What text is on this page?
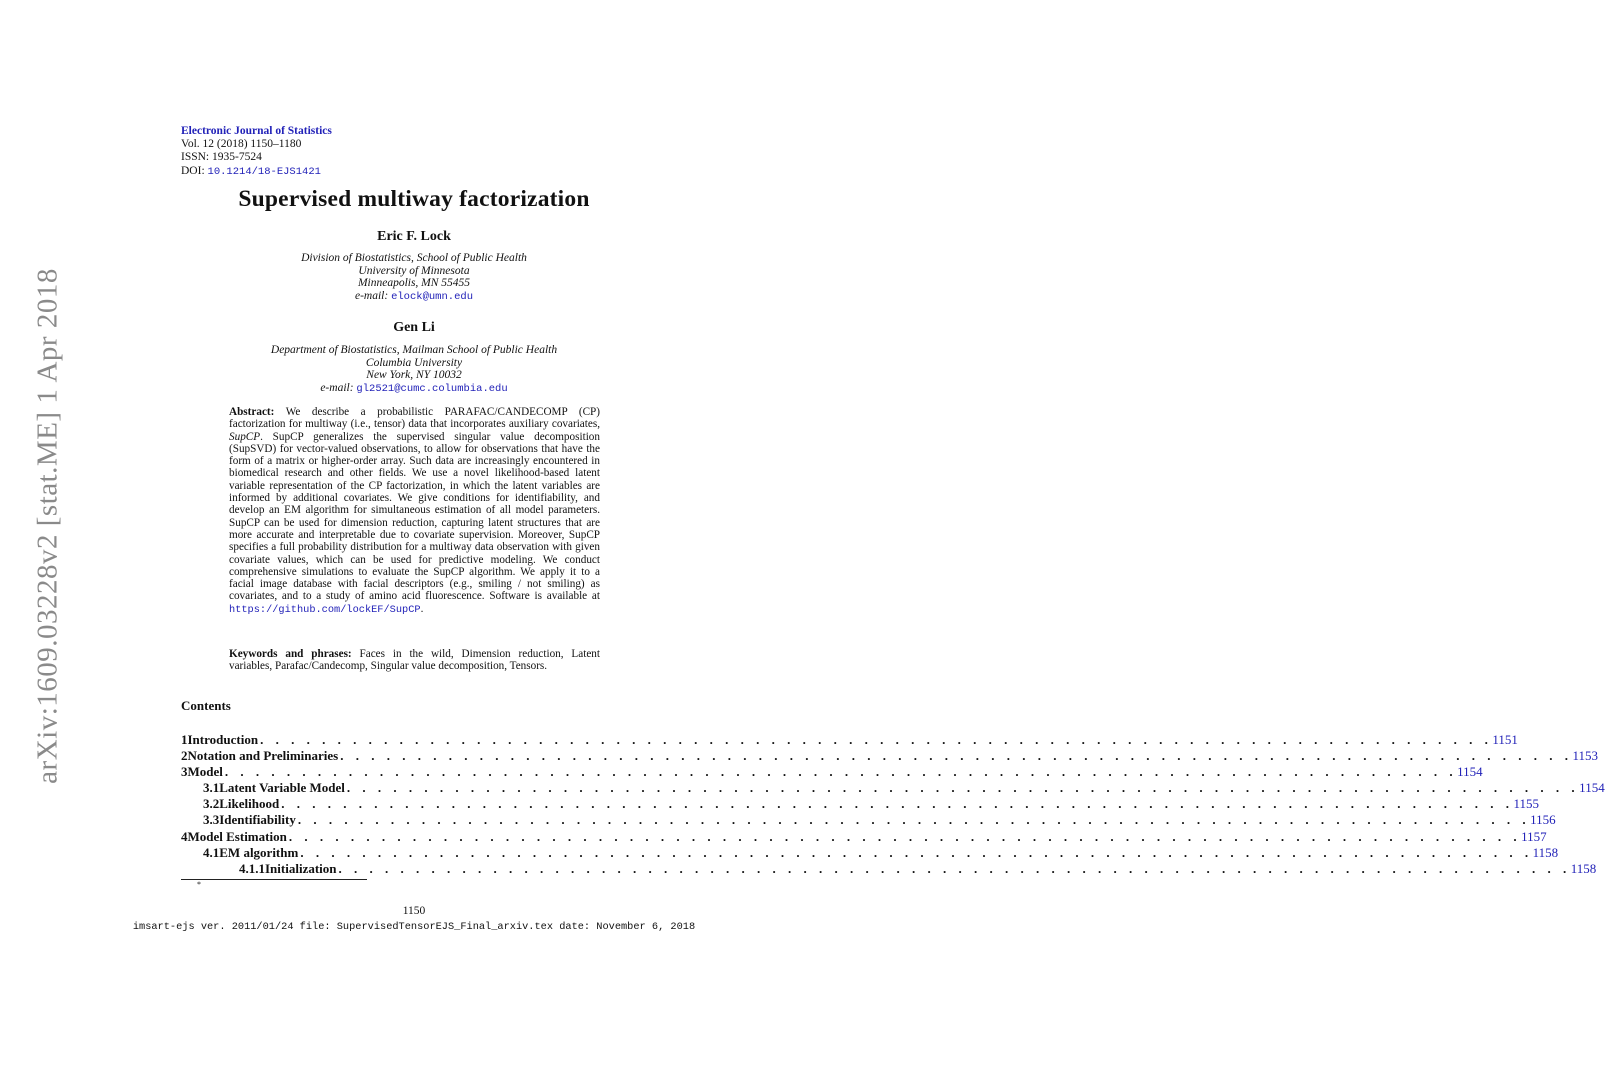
arXiv:1609.03228v2 [stat.ME] 1 Apr 2018
Electronic Journal of Statistics
Vol. 12 (2018) 1150–1180
ISSN: 1935-7524
DOI: 10.1214/18-EJS1421
Supervised multiway factorization
Eric F. Lock
Division of Biostatistics, School of Public Health
University of Minnesota
Minneapolis, MN 55455
e-mail: elock@umn.edu
Gen Li
Department of Biostatistics, Mailman School of Public Health
Columbia University
New York, NY 10032
e-mail: gl2521@cumc.columbia.edu
Abstract: We describe a probabilistic PARAFAC/CANDECOMP (CP) factorization for multiway (i.e., tensor) data that incorporates auxiliary covariates, SupCP. SupCP generalizes the supervised singular value decomposition (SupSVD) for vector-valued observations, to allow for observations that have the form of a matrix or higher-order array. Such data are increasingly encountered in biomedical research and other fields. We use a novel likelihood-based latent variable representation of the CP factorization, in which the latent variables are informed by additional covariates. We give conditions for identifiability, and develop an EM algorithm for simultaneous estimation of all model parameters. SupCP can be used for dimension reduction, capturing latent structures that are more accurate and interpretable due to covariate supervision. Moreover, SupCP specifies a full probability distribution for a multiway data observation with given covariate values, which can be used for predictive modeling. We conduct comprehensive simulations to evaluate the SupCP algorithm. We apply it to a facial image database with facial descriptors (e.g., smiling / not smiling) as covariates, and to a study of amino acid fluorescence. Software is available at https://github.com/lockEF/SupCP.
Keywords and phrases: Faces in the wild, Dimension reduction, Latent variables, Parafac/Candecomp, Singular value decomposition, Tensors.
Contents
1 Introduction . . . . . . . . . . . . . . . . . . . . . . . . . . . . . . . . . . . . . . . . . . . . . . . . . . . . . . . . . . . . . . . . . . . . . . . . . . . . . . . . 1151
2 Notation and Preliminaries . . . . . . . . . . . . . . . . . . . . . . . . . . . . . . . . . . . . . . . . . . . . . . . . . . . . . . . . . . . . . . . . . . . . . . . . . . . . . . . . 1153
3 Model . . . . . . . . . . . . . . . . . . . . . . . . . . . . . . . . . . . . . . . . . . . . . . . . . . . . . . . . . . . . . . . . . . . . . . . . . . . . . . . . 1154
3.1 Latent Variable Model . . . . . . . . . . . . . . . . . . . . . . . . . . . . . . . . . . . . . . . . . . . . . . . . . . . . . . . . . . . . . . . . . . . . . . . . . . . . . . . . 1154
3.2 Likelihood . . . . . . . . . . . . . . . . . . . . . . . . . . . . . . . . . . . . . . . . . . . . . . . . . . . . . . . . . . . . . . . . . . . . . . . . . . . . . . . . 1155
3.3 Identifiability . . . . . . . . . . . . . . . . . . . . . . . . . . . . . . . . . . . . . . . . . . . . . . . . . . . . . . . . . . . . . . . . . . . . . . . . . . . . . . . . 1156
4 Model Estimation . . . . . . . . . . . . . . . . . . . . . . . . . . . . . . . . . . . . . . . . . . . . . . . . . . . . . . . . . . . . . . . . . . . . . . . . . . . . . . . . 1157
4.1 EM algorithm . . . . . . . . . . . . . . . . . . . . . . . . . . . . . . . . . . . . . . . . . . . . . . . . . . . . . . . . . . . . . . . . . . . . . . . . . . . . . . . . 1158
4.1.1 Initialization . . . . . . . . . . . . . . . . . . . . . . . . . . . . . . . . . . . . . . . . . . . . . . . . . . . . . . . . . . . . . . . . . . . . . . . . . . . . . . . . 1158
*
1150
imsart-ejs ver. 2011/01/24 file: SupervisedTensorEJS_Final_arxiv.tex date: November 6, 2018
